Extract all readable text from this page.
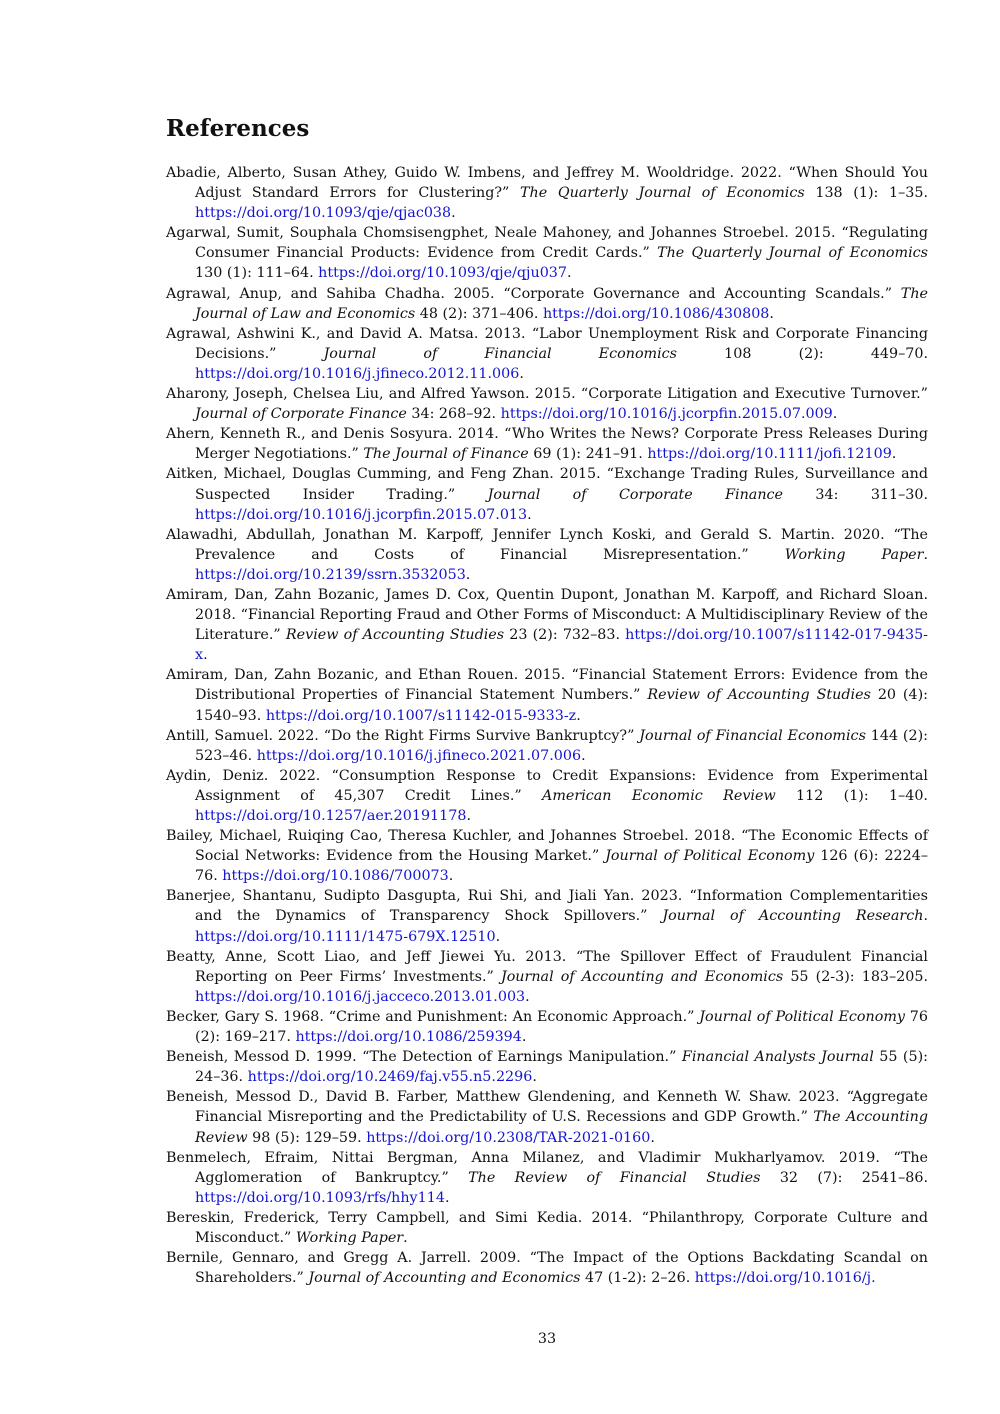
References
Abadie, Alberto, Susan Athey, Guido W. Imbens, and Jeffrey M. Wooldridge. 2022. “When Should You Adjust Standard Errors for Clustering?” The Quarterly Journal of Economics 138 (1): 1–35. https://doi.org/10.1093/qje/qjac038.
Agarwal, Sumit, Souphala Chomsisengphet, Neale Mahoney, and Johannes Stroebel. 2015. “Regulating Consumer Financial Products: Evidence from Credit Cards.” The Quarterly Journal of Economics 130 (1): 111–64. https://doi.org/10.1093/qje/qju037.
Agrawal, Anup, and Sahiba Chadha. 2005. “Corporate Governance and Accounting Scandals.” The Journal of Law and Economics 48 (2): 371–406. https://doi.org/10.1086/430808.
Agrawal, Ashwini K., and David A. Matsa. 2013. “Labor Unemployment Risk and Corporate Financing Decisions.” Journal of Financial Economics 108 (2): 449–70. https://doi.org/10.1016/j.jfineco.2012.11.006.
Aharony, Joseph, Chelsea Liu, and Alfred Yawson. 2015. “Corporate Litigation and Executive Turnover.” Journal of Corporate Finance 34: 268–92. https://doi.org/10.1016/j.jcorpfin.2015.07.009.
Ahern, Kenneth R., and Denis Sosyura. 2014. “Who Writes the News? Corporate Press Releases During Merger Negotiations.” The Journal of Finance 69 (1): 241–91. https://doi.org/10.1111/jofi.12109.
Aitken, Michael, Douglas Cumming, and Feng Zhan. 2015. “Exchange Trading Rules, Surveillance and Suspected Insider Trading.” Journal of Corporate Finance 34: 311–30. https://doi.org/10.1016/j.jcorpfin.2015.07.013.
Alawadhi, Abdullah, Jonathan M. Karpoff, Jennifer Lynch Koski, and Gerald S. Martin. 2020. “The Prevalence and Costs of Financial Misrepresentation.” Working Paper. https://doi.org/10.2139/ssrn.3532053.
Amiram, Dan, Zahn Bozanic, James D. Cox, Quentin Dupont, Jonathan M. Karpoff, and Richard Sloan. 2018. “Financial Reporting Fraud and Other Forms of Misconduct: A Multidisciplinary Review of the Literature.” Review of Accounting Studies 23 (2): 732–83. https://doi.org/10.1007/s11142-017-9435-x.
Amiram, Dan, Zahn Bozanic, and Ethan Rouen. 2015. “Financial Statement Errors: Evidence from the Distributional Properties of Financial Statement Numbers.” Review of Accounting Studies 20 (4): 1540–93. https://doi.org/10.1007/s11142-015-9333-z.
Antill, Samuel. 2022. “Do the Right Firms Survive Bankruptcy?” Journal of Financial Economics 144 (2): 523–46. https://doi.org/10.1016/j.jfineco.2021.07.006.
Aydin, Deniz. 2022. “Consumption Response to Credit Expansions: Evidence from Experimental Assignment of 45,307 Credit Lines.” American Economic Review 112 (1): 1–40. https://doi.org/10.1257/aer.20191178.
Bailey, Michael, Ruiqing Cao, Theresa Kuchler, and Johannes Stroebel. 2018. “The Economic Effects of Social Networks: Evidence from the Housing Market.” Journal of Political Economy 126 (6): 2224–76. https://doi.org/10.1086/700073.
Banerjee, Shantanu, Sudipto Dasgupta, Rui Shi, and Jiali Yan. 2023. “Information Complementarities and the Dynamics of Transparency Shock Spillovers.” Journal of Accounting Research. https://doi.org/10.1111/1475-679X.12510.
Beatty, Anne, Scott Liao, and Jeff Jiewei Yu. 2013. “The Spillover Effect of Fraudulent Financial Reporting on Peer Firms’ Investments.” Journal of Accounting and Economics 55 (2-3): 183–205. https://doi.org/10.1016/j.jacceco.2013.01.003.
Becker, Gary S. 1968. “Crime and Punishment: An Economic Approach.” Journal of Political Economy 76 (2): 169–217. https://doi.org/10.1086/259394.
Beneish, Messod D. 1999. “The Detection of Earnings Manipulation.” Financial Analysts Journal 55 (5): 24–36. https://doi.org/10.2469/faj.v55.n5.2296.
Beneish, Messod D., David B. Farber, Matthew Glendening, and Kenneth W. Shaw. 2023. “Aggregate Financial Misreporting and the Predictability of U.S. Recessions and GDP Growth.” The Accounting Review 98 (5): 129–59. https://doi.org/10.2308/TAR-2021-0160.
Benmelech, Efraim, Nittai Bergman, Anna Milanez, and Vladimir Mukharlyamov. 2019. “The Agglomeration of Bankruptcy.” The Review of Financial Studies 32 (7): 2541–86. https://doi.org/10.1093/rfs/hhy114.
Bereskin, Frederick, Terry Campbell, and Simi Kedia. 2014. “Philanthropy, Corporate Culture and Misconduct.” Working Paper.
Bernile, Gennaro, and Gregg A. Jarrell. 2009. “The Impact of the Options Backdating Scandal on Shareholders.” Journal of Accounting and Economics 47 (1-2): 2–26. https://doi.org/10.1016/j.
33
